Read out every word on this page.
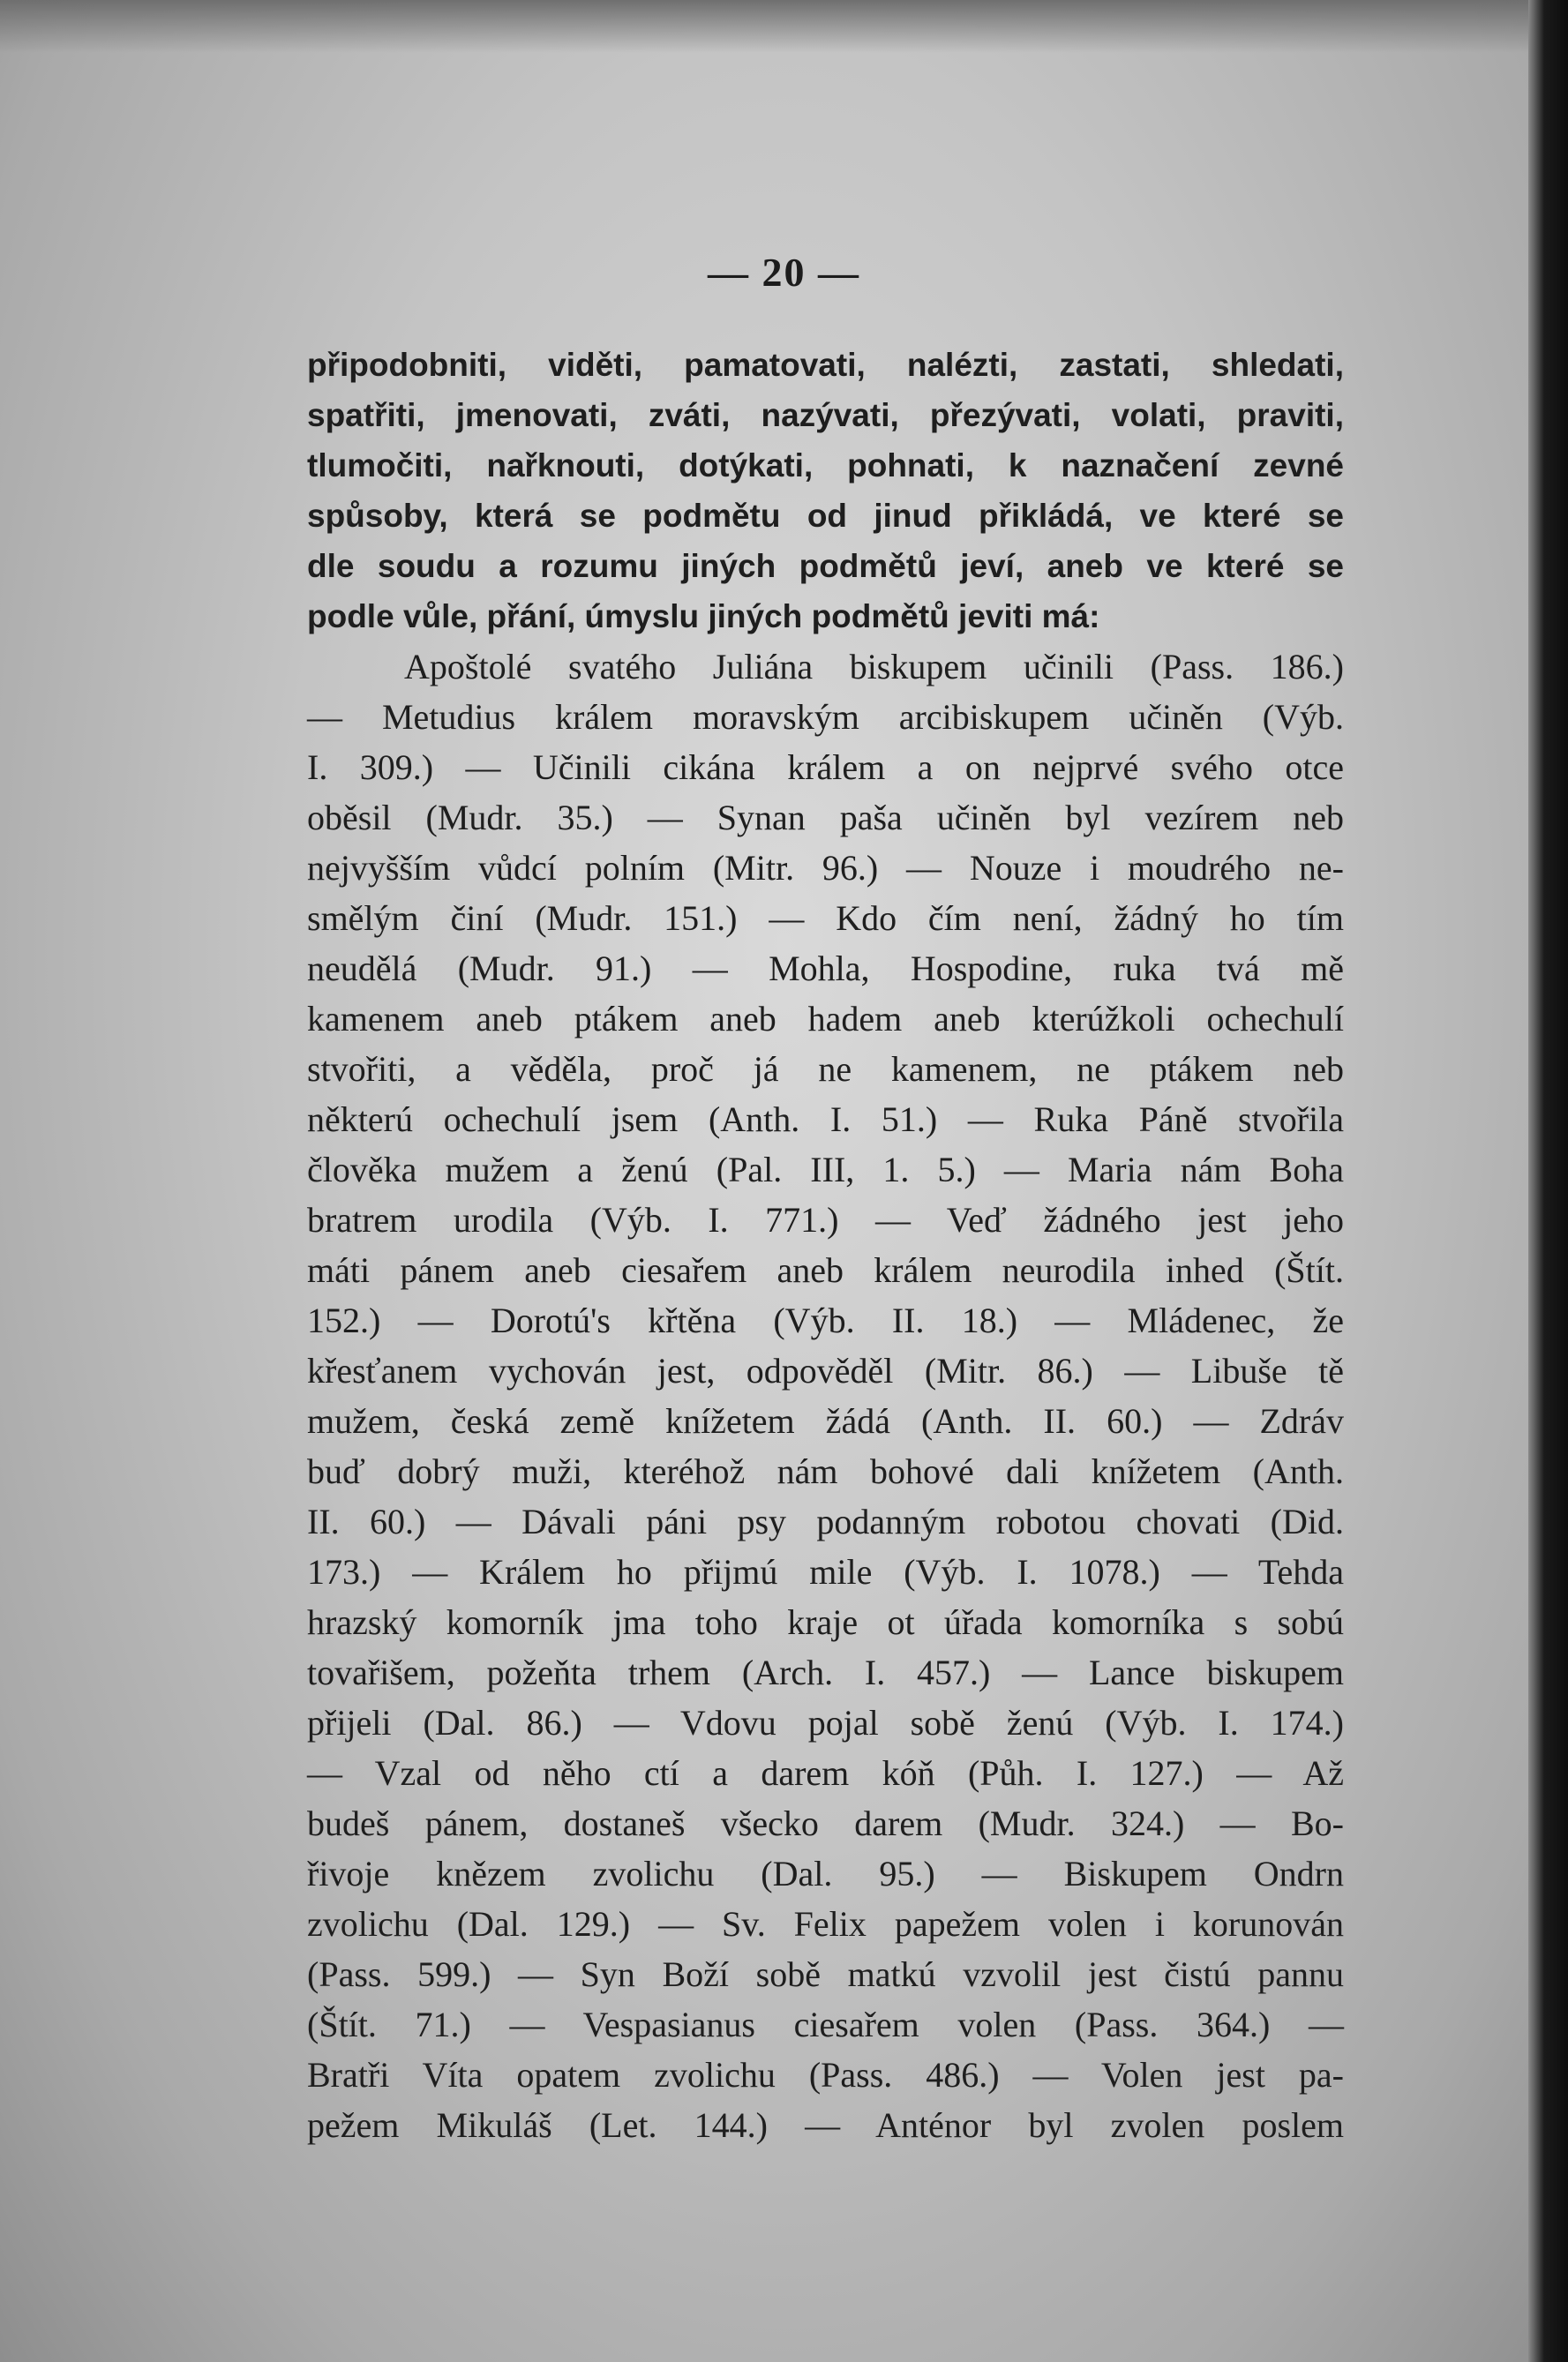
— 20 —
připodobniti, viděti, pamatovati, nalézti, zastati, shledati,
spatřiti, jmenovati, zváti, nazývati, přezývati, volati, praviti,
tlumočiti, nařknouti, dotýkati, pohnati, k naznačení zevné
spůsoby, která se podmětu od jinud přikládá, ve které se
dle soudu a rozumu jiných podmětů jeví, aneb ve které se
podle vůle, přání, úmyslu jiných podmětů jeviti má:
Apoštolé svatého Juliána biskupem učinili (Pass. 186.)
— Metudius králem moravským arcibiskupem učiněn (Výb.
I. 309.) — Učinili cikána králem a on nejprvé svého otce
oběsil (Mudr. 35.) — Synan paša učiněn byl vezírem neb
nejvyšším vůdcí polním (Mitr. 96.) — Nouze i moudrého ne-
smělým činí (Mudr. 151.) — Kdo čím není, žádný ho tím
neudělá (Mudr. 91.) — Mohla, Hospodine, ruka tvá mě
kamenem aneb ptákem aneb hadem aneb kterúžkoli ochechulí
stvořiti, a věděla, proč já ne kamenem, ne ptákem neb
některú ochechulí jsem (Anth. I. 51.) — Ruka Páně stvořila
člověka mužem a ženú (Pal. III, 1. 5.) — Maria nám Boha
bratrem urodila (Výb. I. 771.) — Veď žádného jest jeho
máti pánem aneb ciesařem aneb králem neurodila inhed (Štít.
152.) — Dorotú's křtěna (Výb. II. 18.) — Mládenec, že
křesťanem vychován jest, odpověděl (Mitr. 86.) — Libuše tě
mužem, česká země knížetem žádá (Anth. II. 60.) — Zdráv
buď dobrý muži, kteréhož nám bohové dali knížetem (Anth.
II. 60.) — Dávali páni psy podanným robotou chovati (Did.
173.) — Králem ho přijmú mile (Výb. I. 1078.) — Tehda
hrazský komorník jma toho kraje ot úřada komorníka s sobú
tovařišem, požeňta trhem (Arch. I. 457.) — Lance biskupem
přijeli (Dal. 86.) — Vdovu pojal sobě ženú (Výb. I. 174.)
— Vzal od něho ctí a darem kóň (Půh. I. 127.) — Až
budeš pánem, dostaneš všecko darem (Mudr. 324.) — Bo-
řivoje knězem zvolichu (Dal. 95.) — Biskupem Ondrn
zvolichu (Dal. 129.) — Sv. Felix papežem volen i korunován
(Pass. 599.) — Syn Boží sobě matkú vzvolil jest čistú pannu
(Štít. 71.) — Vespasianus ciesařem volen (Pass. 364.) —
Bratři Víta opatem zvolichu (Pass. 486.) — Volen jest pa-
pežem Mikuláš (Let. 144.) — Anténor byl zvolen poslem
